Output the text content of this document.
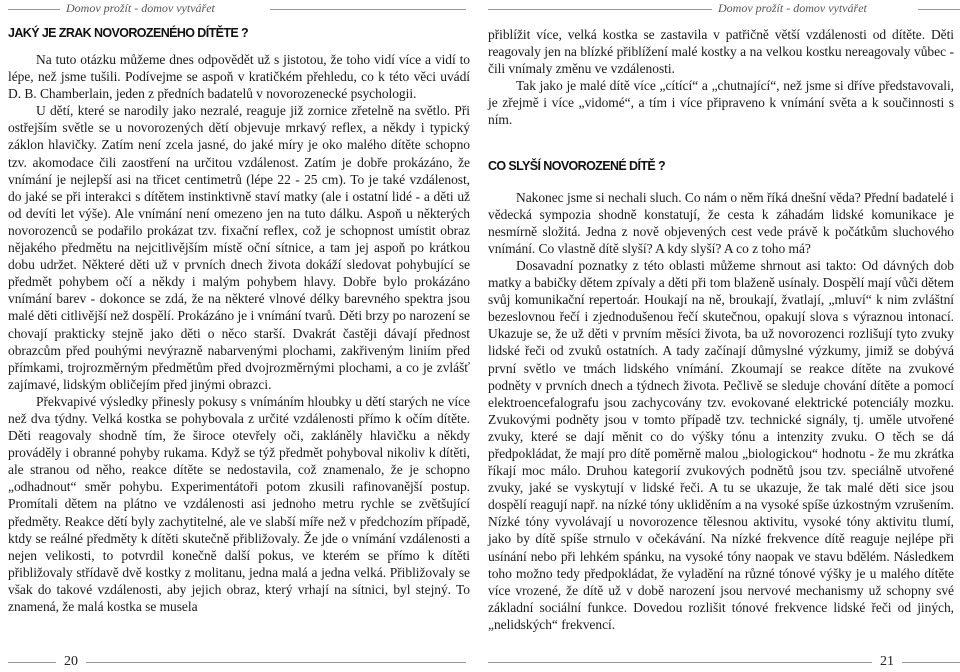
Domov prožít - domov vytvářet
JAKÝ JE ZRAK NOVOROZENÉHO DÍTĚTE ?

Na tuto otázku můžeme dnes odpovědět už s jistotou, že toho vidí více a vidí to lépe, než jsme tušili. Podívejme se aspoň v kratičkém přehledu, co k této věci uvádí D. B. Chamberlain, jeden z předních badatelů v novorozenecké psychologii.

U dětí, které se narodily jako nezralé, reaguje již zornice zřetelně na světlo. Při ostřejším světle se u novorozených dětí objevuje mrkavý reflex, a někdy i typický záklon hlavičky. Zatím není zcela jasné, do jaké míry je oko malého dítěte schopno tzv. akomodace čili zaostření na určitou vzdálenost. Zatím je dobře prokázáno, že vnímání je nejlepší asi na třicet centimetrů (lépe 22 - 25 cm). To je také vzdálenost, do jaké se při interakci s dítětem instinktivně staví matky (ale i ostatní lidé - a děti už od devíti let výše). Ale vnímání není omezeno jen na tuto dálku. Aspoň u některých novorozenců se podařilo prokázat tzv. fixační reflex, což je schopnost umístit obraz nějakého předmětu na nejcitlivějším místě oční sítnice, a tam jej aspoň po krátkou dobu udržet. Některé děti už v prvních dnech života dokáží sledovat pohybující se předmět pohybem očí a někdy i malým pohybem hlavy. Dobře bylo prokázáno vnímání barev - dokonce se zdá, že na některé vlnové délky barevného spektra jsou malé děti citlivější než dospělí. Prokázáno je i vnímání tvarů. Děti brzy po narození se chovají prakticky stejně jako děti o něco starší. Dvakrát častěji dávají přednost obrazcům před pouhými nevýrazně nabarvenými plochami, zakřiveným liniím před přímkami, trojrozměrným předmětům před dvojrozměrnými plochami, a co je zvlášť zajímavé, lidským obličejím před jinými obrazci.

Překvapivé výsledky přinesly pokusy s vnímáním hloubky u dětí starých ne více než dva týdny. Velká kostka se pohybovala z určité vzdálenosti přímo k očím dítěte. Děti reagovaly shodně tím, že široce otevřely oči, zakláněly hlavičku a někdy prováděly i obranné pohyby rukama. Když se týž předmět pohyboval nikoliv k dítěti, ale stranou od něho, reakce dítěte se nedostavila, což znamenalo, že je schopno „odhadnout“ směr pohybu. Experimentátoři potom zkusili rafinovanější postup. Promítali dětem na plátno ve vzdálenosti asi jednoho metru rychle se zvětšující předměty. Reakce dětí byly zachytitelné, ale ve slabší míře než v předchozím případě, ktdy se reálné předměty k dítěti skutečně přibližovaly. Že jde o vnímání vzdálenosti a nejen velikosti, to potvrdil konečně další pokus, ve kterém se přímo k dítěti přibližovaly střídavě dvě kostky z molitanu, jedna malá a jedna velká. Přibližovaly se však do takové vzdálenosti, aby jejich obraz, který vrhají na sítnici, byl stejný. To znamená, že malá kostka se musela

20
Domov prožít - domov vytvářet

přiblížit více, velká kostka se zastavila v patřičně větší vzdálenosti od dítěte. Děti reagovaly jen na blízké přiblížení malé kostky a na velkou kostku nereagovaly vůbec - čili vnímaly změnu ve vzdálenosti.

Tak jako je malé dítě více „cítící“ a „chutnající“, než jsme si dříve představovali, je zřejmě i více „vidomé“, a tím i více připraveno k vnímání světa a k součinnosti s ním.

CO SLYŠÍ NOVOROZENÉ DÍTĚ ?

Nakonec jsme si nechali sluch. Co nám o něm říká dnešní věda? Přední badatelé i vědecká sympozia shodně konstatují, že cesta k záhadám lidské komunikace je nesmírně složitá. Jedna z nově objevených cest vede právě k počátkům sluchového vnímání. Co vlastně dítě slyší? A kdy slyší? A co z toho má?

Dosavadní poznatky z této oblasti můžeme shrnout asi takto: Od dávných dob matky a babičky dětem zpívaly a děti při tom blaženě usínaly. Dospělí mají vůči dětem svůj komunikační repertoár. Houkají na ně, broukají, žvatlají, „mluví“ k nim zvláštní bezeslovnou řečí i zjednodušenou řečí skutečnou, opakují slova s výraznou intonací. Ukazuje se, že už děti v prvním měsíci života, ba už novorozenci rozlišují tyto zvuky lidské řeči od zvuků ostatních. A tady začínají důmyslné výzkumy, jimiž se dobývá první světlo ve tmách lidského vnímání. Zkoumají se reakce dítěte na zvukové podněty v prvních dnech a týdnech života. Pečlivě se sleduje chování dítěte a pomocí elektroencefalografu jsou zachycovány tzv. evokované elektrické potenciály mozku. Zvukovými podněty jsou v tomto případě tzv. technické signály, tj. uměle utvořené zvuky, které se dají měnit co do výšky tónu a intenzity zvuku. O těch se dá předpokládat, že mají pro dítě poměrně malou „biologickou“ hodnotu - že mu zkrátka říkají moc málo. Druhou kategorií zvukových podnětů jsou tzv. speciálně utvořené zvuky, jaké se vyskytují v lidské řeči. A tu se ukazuje, že tak malé děti sice jsou dospělí reagují např. na nízké tóny ukliděním a na vysoké spíše úzkostným vzrušením. Nízké tóny vyvolávají u novorozence tělesnou aktivitu, vysoké tóny aktivitu tlumí, jako by dítě spíše strnulo v očekávání. Na nízké frekvence dítě reaguje nejlépe při usínání nebo při lehkém spánku, na vysoké tóny naopak ve stavu bdělém. Následkem toho možno tedy předpokládat, že vyladění na různé tónové výšky je u malého dítěte více vrozené, že dítě už v době narození jsou nervové mechanismy už schopny své základní sociální funkce. Dovedou rozlišit tónové frekvence lidské řeči od jiných, „nelidských“ frekvencí.

21
